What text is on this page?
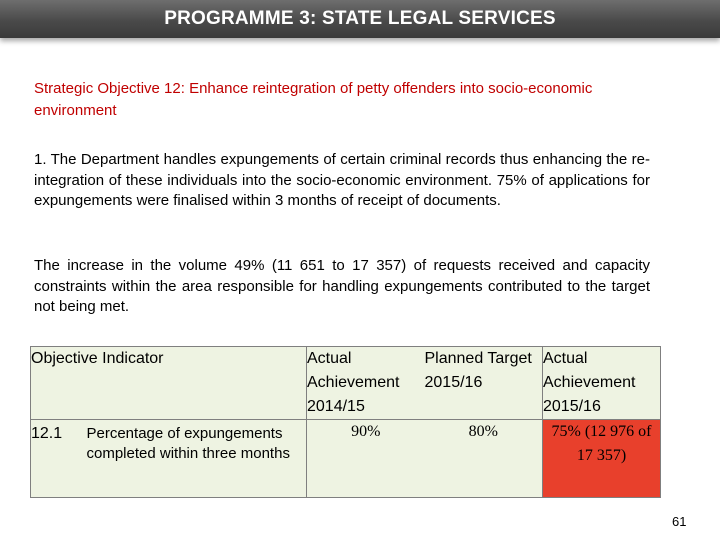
PROGRAMME 3: STATE LEGAL SERVICES
Strategic Objective 12: Enhance reintegration of petty offenders into socio-economic environment
1. The Department handles expungements of certain criminal records thus enhancing the re-integration of these individuals into the socio-economic environment. 75% of applications for expungements were finalised within 3 months of receipt of documents.
The increase in the volume 49% (11 651 to 17 357) of requests received and capacity constraints within the area responsible for handling expungements contributed to the target not being met.
Objective Indicator		Actual Achievement 2014/15	Planned Target 2015/16	Actual Achievement 2015/16
12.1	Percentage of expungements completed within three months	90%	80%	75% (12 976 of 17 357)
61
